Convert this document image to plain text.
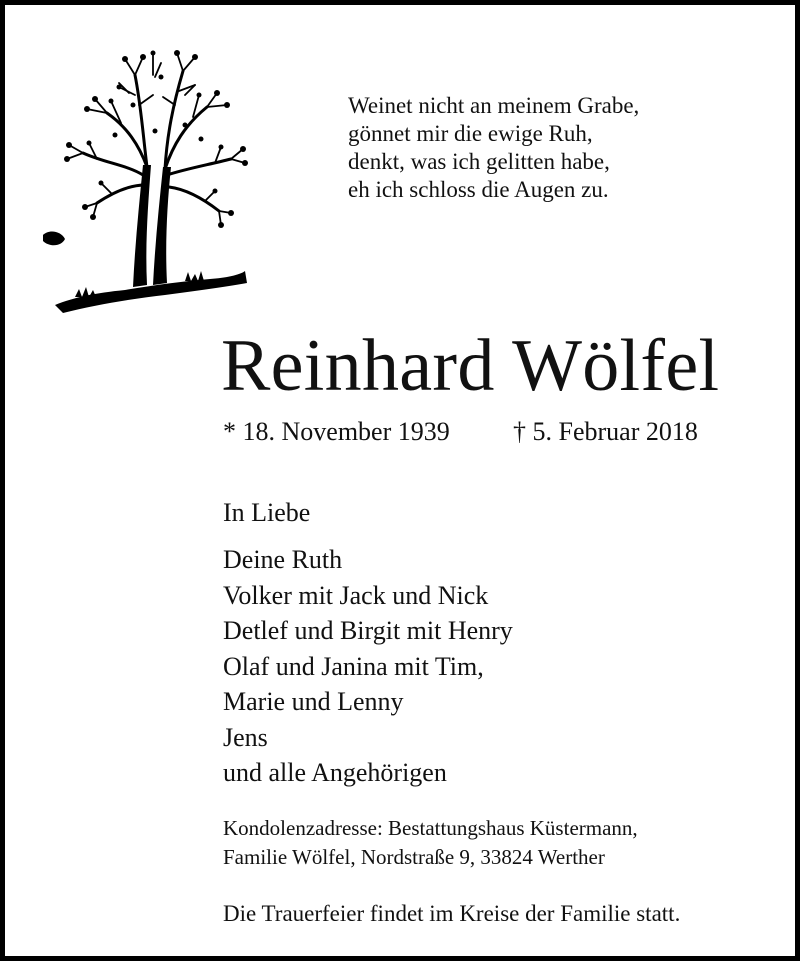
Weinet nicht an meinem Grabe,
gönnet mir die ewige Ruh,
denkt, was ich gelitten habe,
eh ich schloss die Augen zu.
Reinhard Wölfel
* 18. November 1939 † 5. Februar 2018
In Liebe
Deine Ruth
Volker mit Jack und Nick
Detlef und Birgit mit Henry
Olaf und Janina mit Tim,
Marie und Lenny
Jens
und alle Angehörigen
Kondolenzadresse: Bestattungshaus Küstermann,
Familie Wölfel, Nordstraße 9, 33824 Werther
Die Trauerfeier findet im Kreise der Familie statt.
